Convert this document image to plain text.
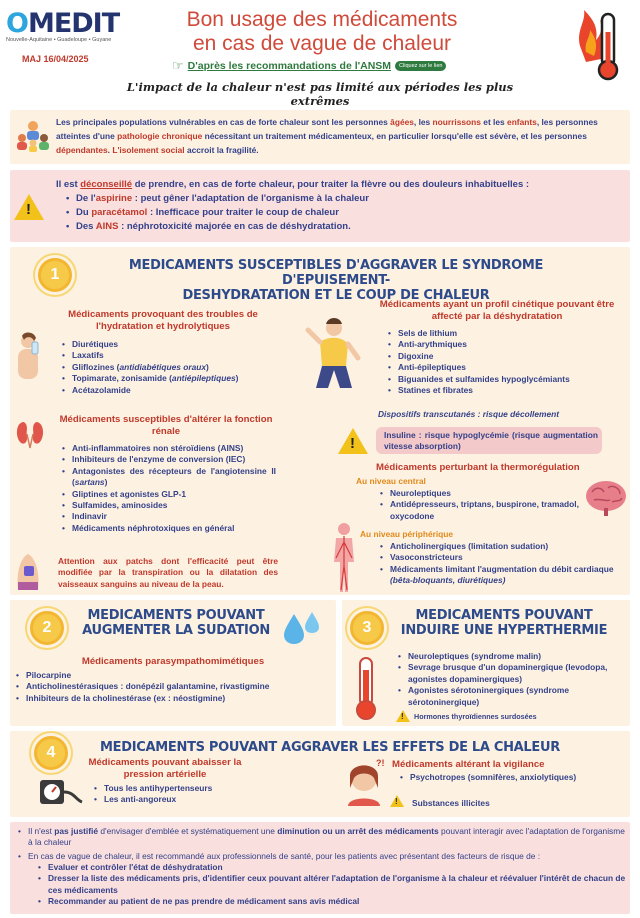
OMEDIT
Nouvelle-Aquitaine • Guadeloupe • Guyane
MAJ 16/04/2025
Bon usage des médicaments
en cas de vague de chaleur
☞ D'après les recommandations de l'ANSM	Cliquez sur le lien
L'impact de la chaleur n'est pas limité aux périodes les plus extrêmes
Les principales populations vulnérables en cas de forte chaleur sont les personnes âgées, les nourrissons et les enfants, les personnes atteintes d'une pathologie chronique nécessitant un traitement médicamenteux, en particulier lorsqu'elle est sévère, et les personnes dépendantes. L'isolement social accroit la fragilité.
!
Il est déconseillé de prendre, en cas de forte chaleur, pour traiter la flèvre ou des douleurs inhabituelles :
• De l'aspirine : peut gêner l'adaptation de l'organisme à la chaleur
• Du paracétamol : Inefficace pour traiter le coup de chaleur
• Des AINS : néphrotoxicité majorée en cas de déshydratation.
1
MEDICAMENTS SUSCEPTIBLES D'AGGRAVER LE SYNDROME D'EPUISEMENT-
DESHYDRATATION ET LE COUP DE CHALEUR
Médicaments provoquant des troubles de l'hydratation et hydrolytiques
• Diurétiques
• Laxatifs
• Gliflozines (antidiabétiques oraux)
• Topimarate, zonisamide (antiépileptiques)
• Acétazolamide
Médicaments susceptibles d'altérer la fonction rénale
• Anti-inflammatoires non stéroïdiens (AINS)
• Inhibiteurs de l'enzyme de conversion (IEC)
• Antagonistes des récepteurs de l'angiotensine II (sartans)
• Gliptines et agonistes GLP-1
• Sulfamides, aminosides
• Indinavir
• Médicaments néphrotoxiques en général
Attention aux patchs dont l'efficacité peut être modifiée par la transpiration ou la dilatation des vaisseaux sanguins au niveau de la peau.
Médicaments ayant un profil cinétique pouvant être affecté par la déshydratation
• Sels de lithium
• Anti-arythmiques
• Digoxine
• Anti-épileptiques
• Biguanides et sulfamides hypoglycémiants
• Statines et fibrates
Dispositifs transcutanés : risque décollement
!	Insuline : risque hypoglycémie (risque augmentation vitesse absorption)
Médicaments perturbant la thermorégulation
Au niveau central
• Neuroleptiques
• Antidépresseurs, triptans, buspirone, tramadol, oxycodone
Au niveau périphérique
• Anticholinergiques (limitation sudation)
• Vasoconstricteurs
• Médicaments limitant l'augmentation du débit cardiaque (bêta-bloquants, diurétiques)
2
MEDICAMENTS POUVANT
AUGMENTER LA SUDATION
Médicaments parasympathomimétiques
• Pilocarpine
• Anticholinestérasiques : donépézil galantamine, rivastigmine
• Inhibiteurs de la cholinestérase (ex : néostigmine)
3
MEDICAMENTS POUVANT
INDUIRE UNE HYPERTHERMIE
• Neuroleptiques (syndrome malin)
• Sevrage brusque d'un dopaminergique (levodopa, agonistes dopaminergiques)
• Agonistes sérotoninergiques (syndrome sérotoninergique)
! Hormones thyroïdiennes surdosées
4	MEDICAMENTS POUVANT AGGRAVER LES EFFETS DE LA CHALEUR
Médicaments pouvant abaisser la pression artérielle
• Tous les antihypertenseurs
• Les anti-angoreux
?! Médicaments altérant la vigilance
• Psychotropes (somnifères, anxiolytiques)
! Substances illicites
• Il n'est pas justifié d'envisager d'emblée et systématiquement une diminution ou un arrêt des médicaments pouvant interagir avec l'adaptation de l'organisme à la chaleur
• En cas de vague de chaleur, il est recommandé aux professionnels de santé, pour les patients avec présentant des facteurs de risque de :
• Evaluer et contrôler l'état de déshydratation
• Dresser la liste des médicaments pris, d'identifier ceux pouvant altérer l'adaptation de l'organisme à la chaleur et réévaluer l'intérêt de chacun de ces médicaments
• Recommander au patient de ne pas prendre de médicament sans avis médical
